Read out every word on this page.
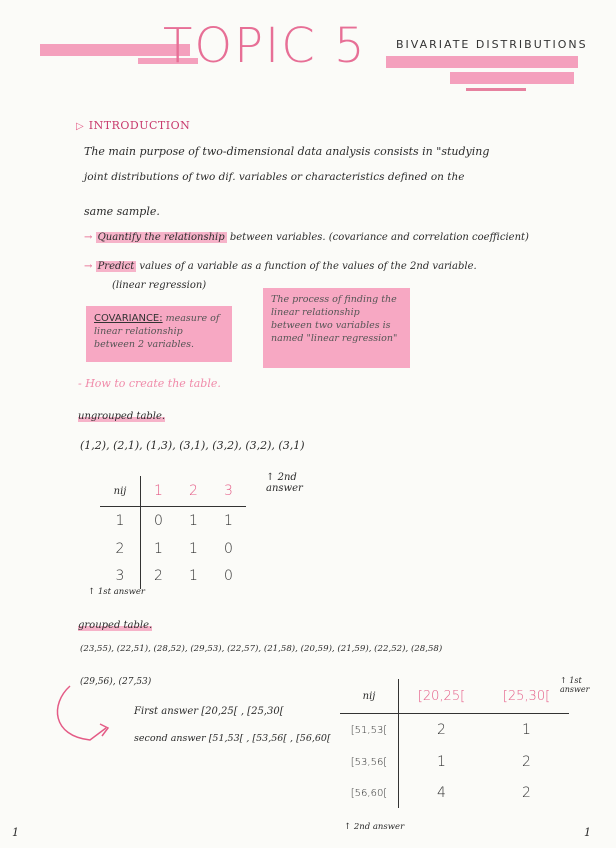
TOPIC 5	BIVARIATE DISTRIBUTIONS
▷ INTRODUCTION
The main purpose of two-dimensional data analysis consists in "studying
joint distributions of two dif. variables or characteristics defined on the
same sample.
→ Quantify the relationship between variables. (covariance and correlation coefficient)
→ Predict values of a variable as a function of the values of the 2nd variable.
(linear regression)
COVARIANCE: measure of linear relationship between 2 variables.
The process of finding the linear relationship between two variables is named "linear regression"
- How to create the table.
ungrouped table.
(1,2), (2,1), (1,3), (3,1), (3,2), (3,2), (3,1)
nij	1	2	3
1	0	1	1
2	1	1	0
3	2	1	0
↑ 2nd answer
↑ 1st answer
grouped table.
(23,55), (22,51), (28,52), (29,53), (22,57), (21,58), (20,59), (21,59), (22,52), (28,58)
(29,56), (27,53)
First answer [20,25[ , [25,30[
second answer [51,53[ , [53,56[ , [56,60[
nij	[20,25[	[25,30[
[51,53[	2	1
[53,56[	1	2
[56,60[	4	2
↑ 1st answer
↑ 2nd answer
1	1
